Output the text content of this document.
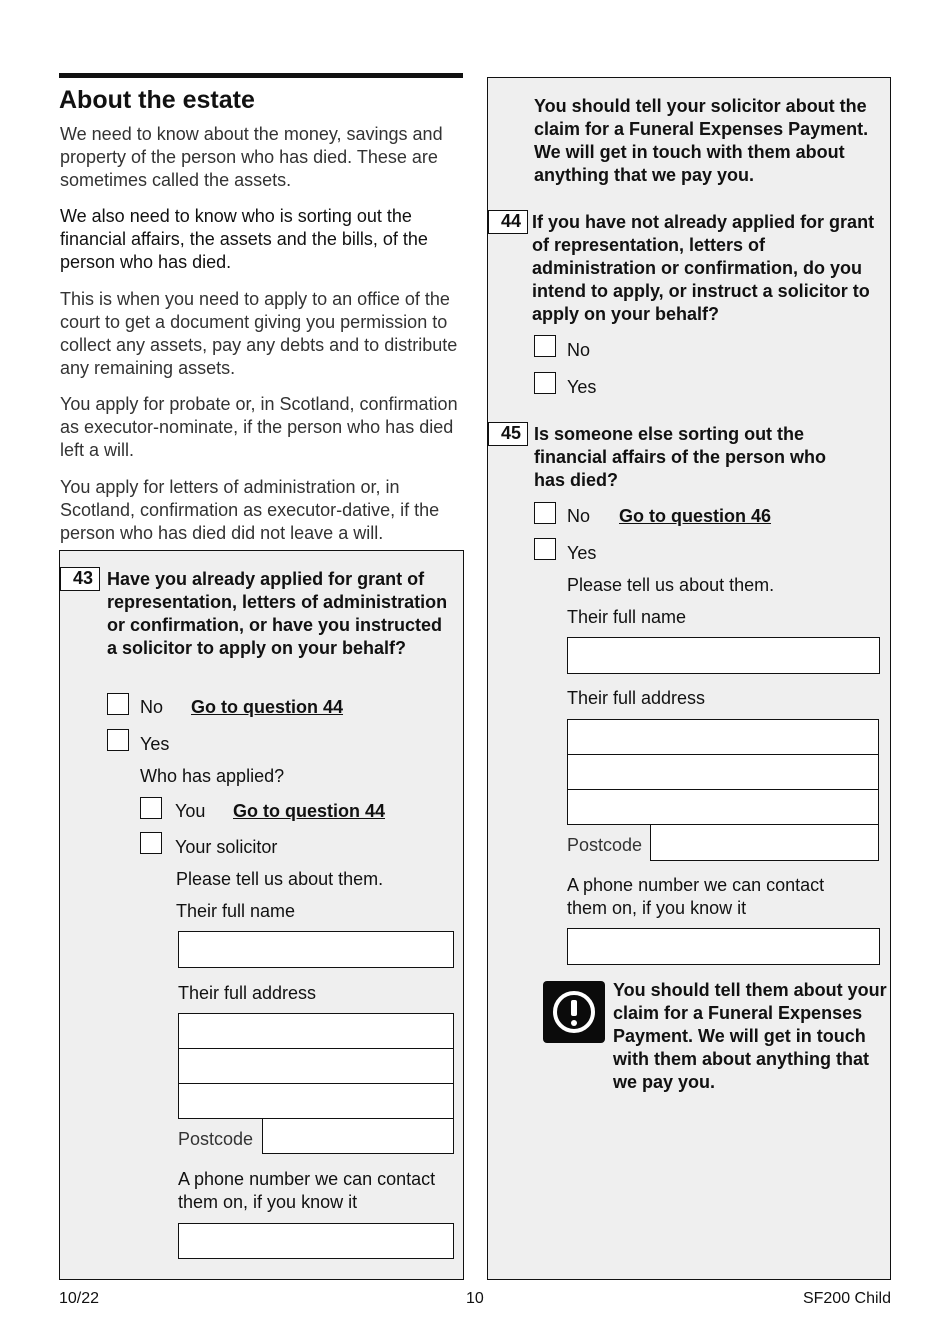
About the estate
We need to know about the money, savings and property of the person who has died. These are sometimes called the assets.
We also need to know who is sorting out the financial affairs, the assets and the bills, of the person who has died.
This is when you need to apply to an office of the court to get a document giving you permission to collect any assets, pay any debts and to distribute any remaining assets.
You apply for probate or, in Scotland, confirmation as executor-nominate, if the person who has died left a will.
You apply for letters of administration or, in Scotland, confirmation as executor-dative, if the person who has died did not leave a will.
43 Have you already applied for grant of representation, letters of administration or confirmation, or have you instructed a solicitor to apply on your behalf?
No Go to question 44
Yes
Who has applied?
You Go to question 44
Your solicitor
Please tell us about them.
Their full name
Their full address
Postcode
A phone number we can contact them on, if you know it
You should tell your solicitor about the claim for a Funeral Expenses Payment. We will get in touch with them about anything that we pay you.
44 If you have not already applied for grant of representation, letters of administration or confirmation, do you intend to apply, or instruct a solicitor to apply on your behalf?
No
Yes
45 Is someone else sorting out the financial affairs of the person who has died?
No Go to question 46
Yes
Please tell us about them.
Their full name
Their full address
Postcode
A phone number we can contact them on, if you know it
You should tell them about your claim for a Funeral Expenses Payment. We will get in touch with them about anything that we pay you.
10/22	10	SF200 Child
